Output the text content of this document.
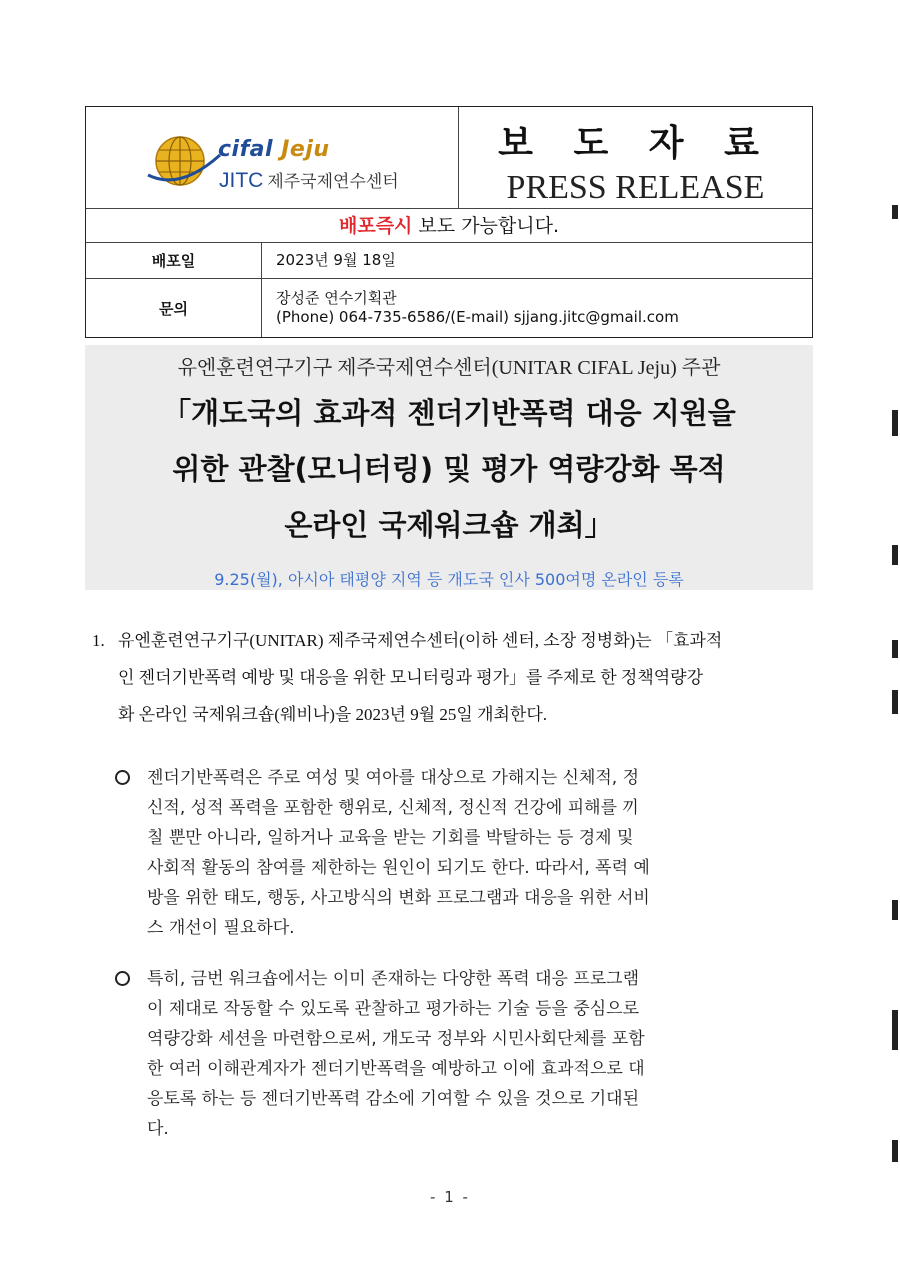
cifal Jeju
JITC 제주국제연수센터
보 도 자 료
PRESS RELEASE
배포즉시 보도 가능합니다.
배포일	2023년 9월 18일
문의
장성준 연수기획관
(Phone) 064-735-6586/(E-mail) sjjang.jitc@gmail.com
유엔훈련연구기구 제주국제연수센터(UNITAR CIFAL Jeju) 주관
「개도국의 효과적 젠더기반폭력 대응 지원을
위한 관찰(모니터링) 및 평가 역량강화 목적
온라인 국제워크숍 개최」
9.25(월), 아시아 태평양 지역 등 개도국 인사 500여명 온라인 등록
1. 유엔훈련연구기구(UNITAR) 제주국제연수센터(이하 센터, 소장 정병화)는 「효과적
인 젠더기반폭력 예방 및 대응을 위한 모니터링과 평가」를 주제로 한 정책역량강
화 온라인 국제워크숍(웨비나)을 2023년 9월 25일 개최한다.
젠더기반폭력은 주로 여성 및 여아를 대상으로 가해지는 신체적, 정
신적, 성적 폭력을 포함한 행위로, 신체적, 정신적 건강에 피해를 끼
칠 뿐만 아니라, 일하거나 교육을 받는 기회를 박탈하는 등 경제 및
사회적 활동의 참여를 제한하는 원인이 되기도 한다. 따라서, 폭력 예
방을 위한 태도, 행동, 사고방식의 변화 프로그램과 대응을 위한 서비
스 개선이 필요하다.
특히, 금번 워크숍에서는 이미 존재하는 다양한 폭력 대응 프로그램
이 제대로 작동할 수 있도록 관찰하고 평가하는 기술 등을 중심으로
역량강화 세션을 마련함으로써, 개도국 정부와 시민사회단체를 포함
한 여러 이해관계자가 젠더기반폭력을 예방하고 이에 효과적으로 대
응토록 하는 등 젠더기반폭력 감소에 기여할 수 있을 것으로 기대된
다.
- 1 -
